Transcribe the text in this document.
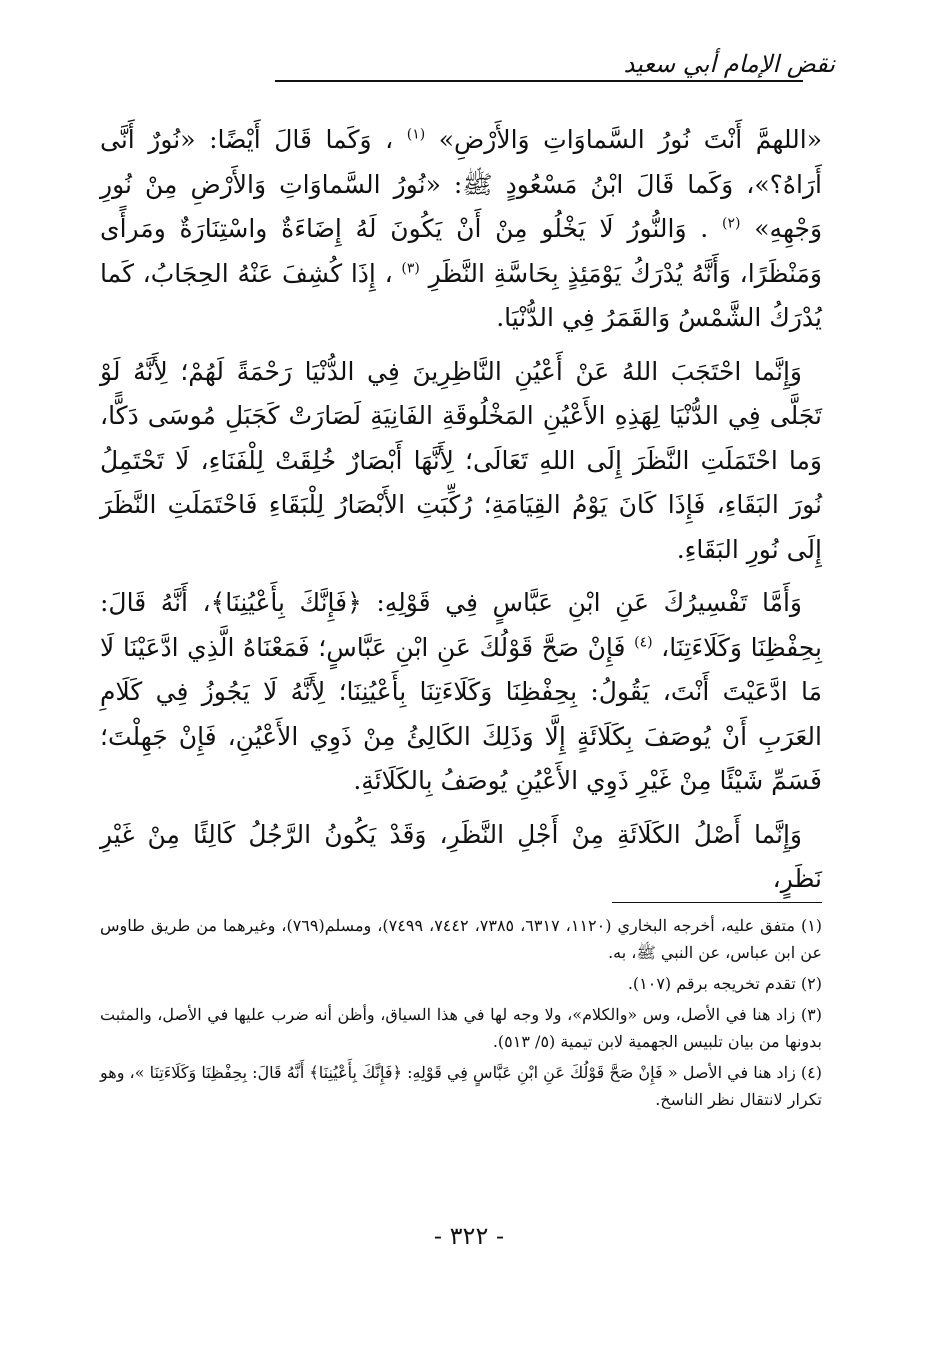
نقض الإمام أبي سعيد

«اللهمَّ أَنْتَ نُورُ السَّماوَاتِ وَالأَرْضِ» $^{(١)}$ ، وَكَما قَالَ أَيْضًا: «نُورٌ أَنَّى أَرَاهُ؟»، وَكَما قَالَ ابْنُ مَسْعُودٍ ﷺ: «نُورُ السَّماوَاتِ وَالأَرْضِ مِنْ نُورِ وَجْهِهِ» $^{(٢)}$ . وَالنُّورُ لَا يَخْلُو مِنْ أَنْ يَكُونَ لَهُ إِضَاءَةٌ واسْتِنَارَةٌ ومَرأًى وَمَنْظَرًا، وَأَنَّهُ يُدْرَكُ يَوْمَئِذٍ بِحَاسَّةِ النَّظَرِ $^{(٣)}$ ، إِذَا كُشِفَ عَنْهُ الحِجَابُ، كَما يُدْرَكُ الشَّمْسُ وَالقَمَرُ فِي الدُّنْيَا.

وَإِنَّما احْتَجَبَ اللهُ عَنْ أَعْيُنِ النَّاظِرِينَ فِي الدُّنْيَا رَحْمَةً لَهُمْ؛ لِأَنَّهُ لَوْ تَجَلَّى فِي الدُّنْيَا لِهَذِهِ الأَعْيُنِ المَخْلُوقَةِ الفَانِيَةِ لَصَارَتْ كَجَبَلِ مُوسَى دَكًّا، وَما احْتَمَلَتِ النَّظَرَ إِلَى اللهِ تَعَالَى؛ لِأَنَّهَا أَبْصَارٌ خُلِقَتْ لِلْفَنَاءِ، لَا تَحْتَمِلُ نُورَ البَقَاءِ، فَإِذَا كَانَ يَوْمُ القِيَامَةِ؛ رُكِّبَتِ الأَبْصَارُ لِلْبَقَاءِ فَاحْتَمَلَتِ النَّظَرَ إِلَى نُورِ البَقَاءِ.

وَأَمَّا تَفْسِيرُكَ عَنِ ابْنِ عَبَّاسٍ فِي قَوْلِهِ: ﴿فَإِنَّكَ بِأَعْيُنِنَا﴾، أَنَّهُ قَالَ: بِحِفْظِنَا وَكَلَاءَتِنَا، $^{(٤)}$ فَإِنْ صَحَّ قَوْلُكَ عَنِ ابْنِ عَبَّاسٍ؛ فَمَعْنَاهُ الَّذِي ادَّعَيْنَا لَا مَا ادَّعَيْتَ أَنْتَ، يَقُولُ: بِحِفْظِنَا وَكَلَاءَتِنَا بِأَعْيُنِنَا؛ لِأَنَّهُ لَا يَجُوزُ فِي كَلَامِ العَرَبِ أَنْ يُوصَفَ بِكَلَائَةٍ إِلَّا وَذَلِكَ الكَالِئُ مِنْ ذَوِي الأَعْيُنِ، فَإِنْ جَهِلْتَ؛ فَسَمِّ شَيْئًا مِنْ غَيْرِ ذَوِي الأَعْيُنِ يُوصَفُ بِالكَلَائَةِ.

وَإِنَّما أَصْلُ الكَلَائَةِ مِنْ أَجْلِ النَّظَرِ، وَقَدْ يَكُونُ الرَّجُلُ كَالِئًا مِنْ غَيْرِ نَظَرٍ،

(١) متفق عليه، أخرجه البخاري (١١٢٠، ٦٣١٧، ٧٣٨٥، ٧٤٤٢، ٧٤٩٩)، ومسلم(٧٦٩)، وغيرهما من طريق طاوس عن ابن عباس، عن النبي ﷺ، به.
(٢) تقدم تخريجه برقم (١٠٧).
(٣) زاد هنا في الأصل، وس «والكلام»، ولا وجه لها في هذا السياق، وأظن أنه ضرب عليها في الأصل، والمثبت بدونها من بيان تلبيس الجهمية لابن تيمية (٥/ ٥١٣).
(٤) زاد هنا في الأصل « فَإِنْ صَحَّ قَوْلُكَ عَنِ ابْنِ عَبَّاسٍ فِي قَوْلِهِ: ﴿فَإِنَّكَ بِأَعْيُنِنَا﴾ أَنَّهُ قَالَ: بِحِفْظِنَا وَكَلَاءَتِنَا »، وهو تكرار لانتقال نظر الناسخ.
- ٣٢٢ -
